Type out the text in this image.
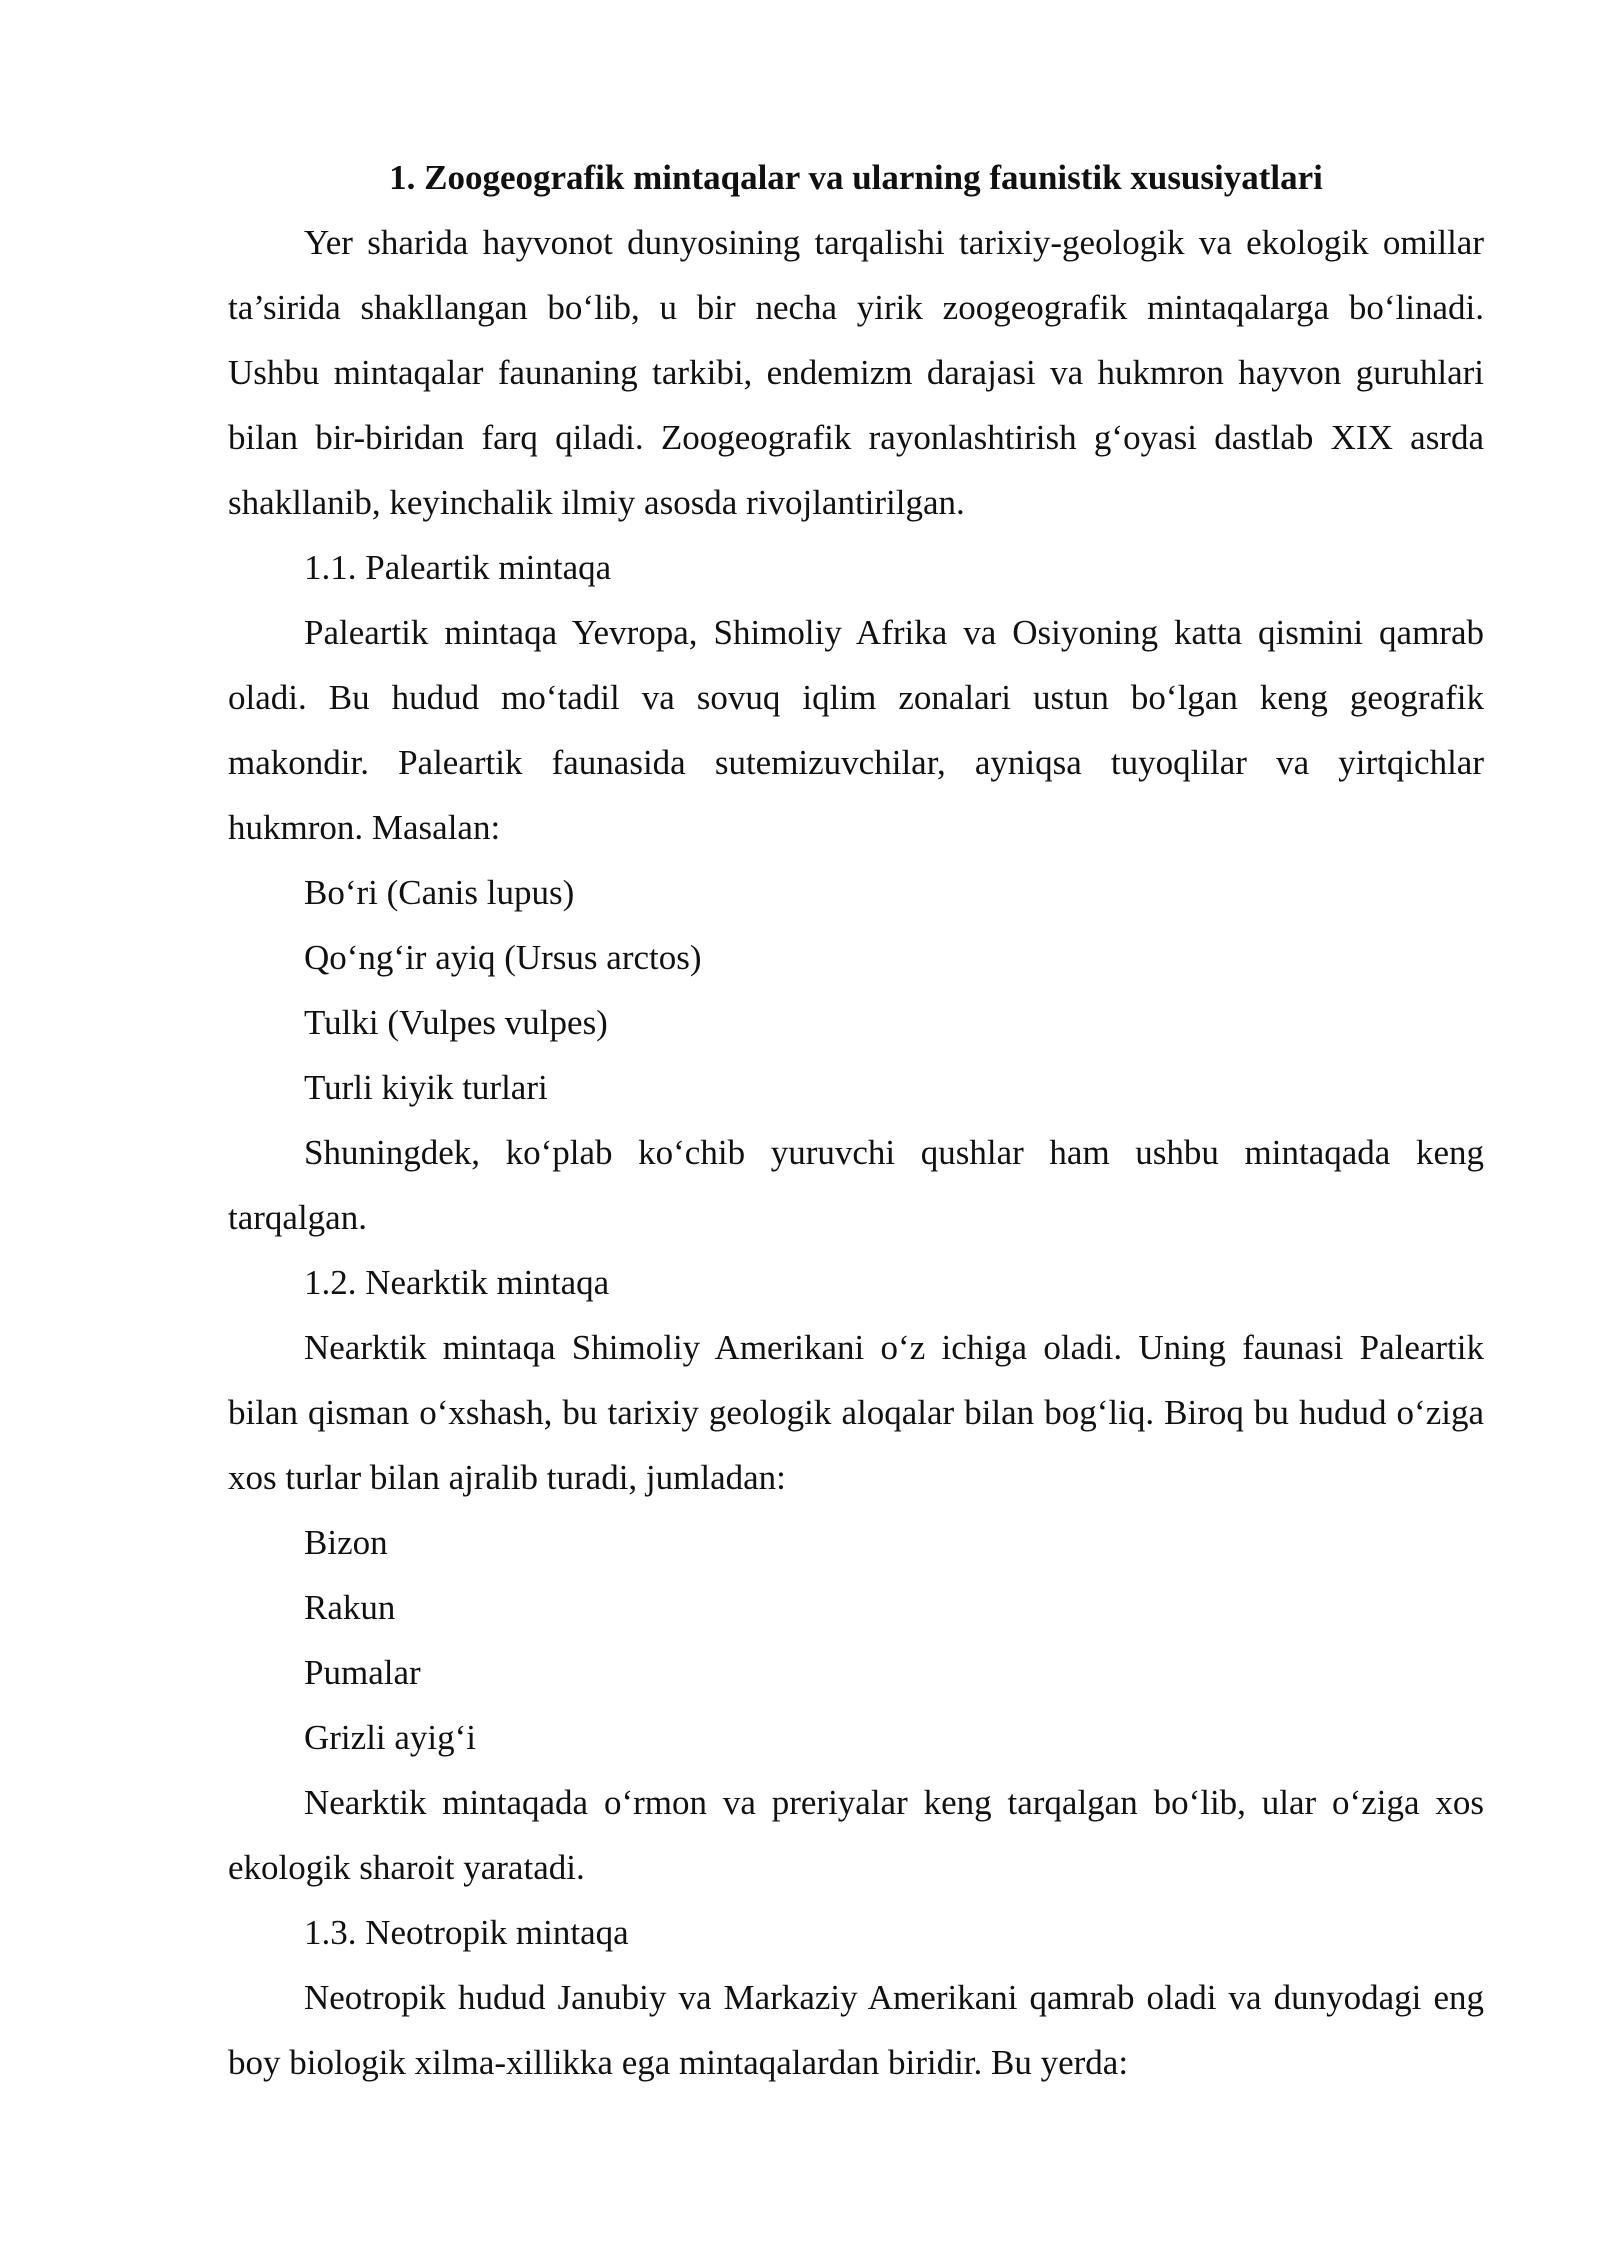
1. Zoogeografik mintaqalar va ularning faunistik xususiyatlari

Yer sharida hayvonot dunyosining tarqalishi tarixiy-geologik va ekologik omillar ta’sirida shakllangan bo‘lib, u bir necha yirik zoogeografik mintaqalarga bo‘linadi. Ushbu mintaqalar faunaning tarkibi, endemizm darajasi va hukmron hayvon guruhlari bilan bir-biridan farq qiladi. Zoogeografik rayonlashtirish g‘oyasi dastlab XIX asrda shakllanib, keyinchalik ilmiy asosda rivojlantirilgan.

1.1. Paleartik mintaqa

Paleartik mintaqa Yevropa, Shimoliy Afrika va Osiyoning katta qismini qamrab oladi. Bu hudud mo‘tadil va sovuq iqlim zonalari ustun bo‘lgan keng geografik makondir. Paleartik faunasida sutemizuvchilar, ayniqsa tuyoqlilar va yirtqichlar hukmron. Masalan:

Bo‘ri (Canis lupus)

Qo‘ng‘ir ayiq (Ursus arctos)

Tulki (Vulpes vulpes)

Turli kiyik turlari

Shuningdek, ko‘plab ko‘chib yuruvchi qushlar ham ushbu mintaqada keng tarqalgan.

1.2. Nearktik mintaqa

Nearktik mintaqa Shimoliy Amerikani o‘z ichiga oladi. Uning faunasi Paleartik bilan qisman o‘xshash, bu tarixiy geologik aloqalar bilan bog‘liq. Biroq bu hudud o‘ziga xos turlar bilan ajralib turadi, jumladan:

Bizon

Rakun

Pumalar

Grizli ayig‘i

Nearktik mintaqada o‘rmon va preriyalar keng tarqalgan bo‘lib, ular o‘ziga xos ekologik sharoit yaratadi.

1.3. Neotropik mintaqa

Neotropik hudud Janubiy va Markaziy Amerikani qamrab oladi va dunyodagi eng boy biologik xilma-xillikka ega mintaqalardan biridir. Bu yerda:
